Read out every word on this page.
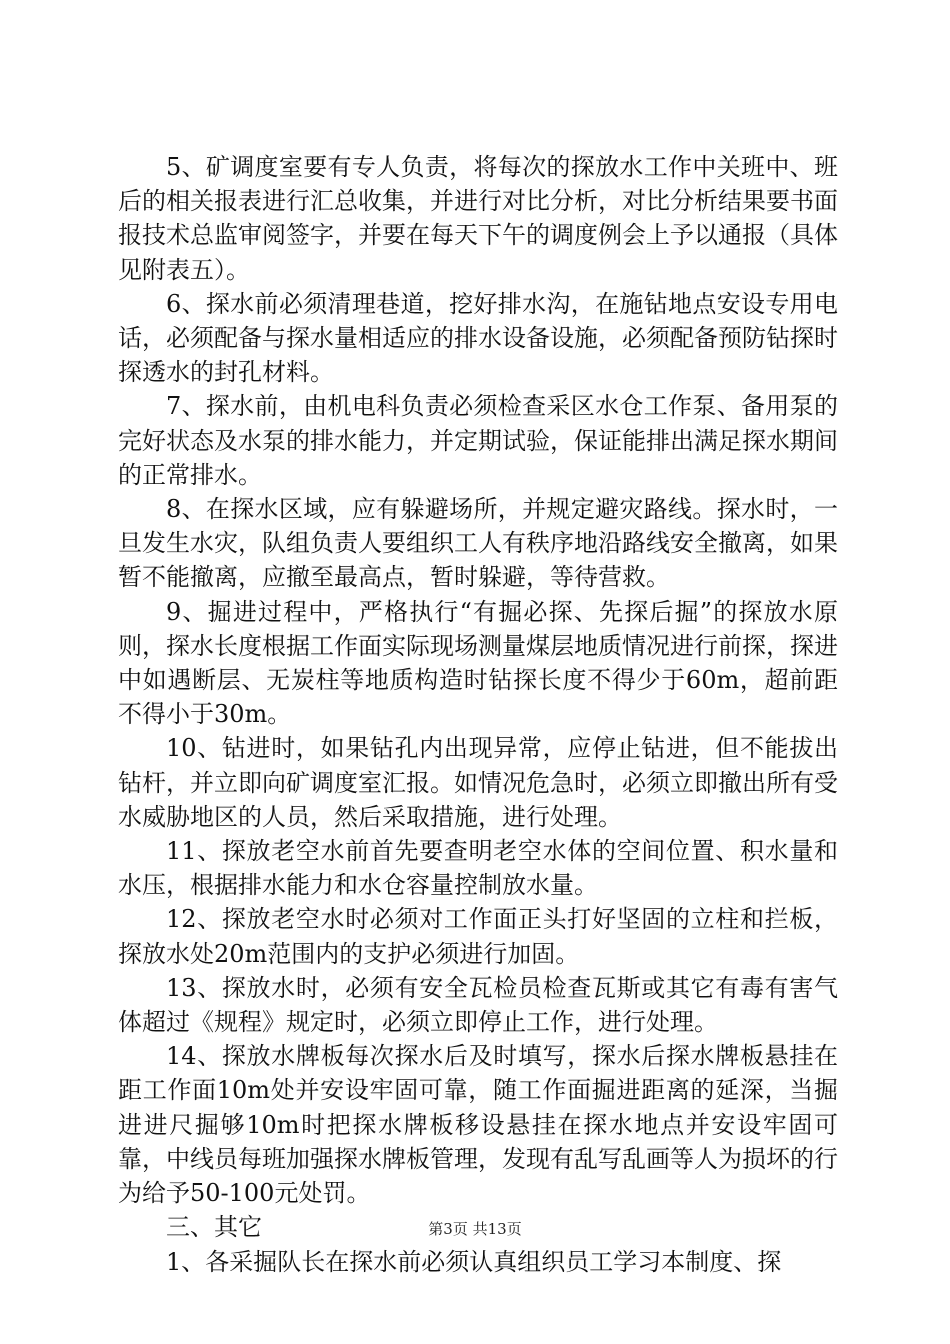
5、矿调度室要有专人负责，将每次的探放水工作中关班中、班后的相关报表进行汇总收集，并进行对比分析，对比分析结果要书面报技术总监审阅签字，并要在每天下午的调度例会上予以通报（具体见附表五）。

6、探水前必须清理巷道，挖好排水沟，在施钻地点安设专用电话，必须配备与探水量相适应的排水设备设施，必须配备预防钻探时探透水的封孔材料。

7、探水前，由机电科负责必须检查采区水仓工作泵、备用泵的完好状态及水泵的排水能力，并定期试验，保证能排出满足探水期间的正常排水。

8、在探水区域，应有躲避场所，并规定避灾路线。探水时，一旦发生水灾，队组负责人要组织工人有秩序地沿路线安全撤离，如果暂不能撤离，应撤至最高点，暂时躲避，等待营救。

9、掘进过程中，严格执行“有掘必探、先探后掘”的探放水原则，探水长度根据工作面实际现场测量煤层地质情况进行前探，探进中如遇断层、无炭柱等地质构造时钻探长度不得少于60m，超前距不得小于30m。

10、钻进时，如果钻孔内出现异常，应停止钻进，但不能拔出钻杆，并立即向矿调度室汇报。如情况危急时，必须立即撤出所有受水威胁地区的人员，然后采取措施，进行处理。

11、探放老空水前首先要查明老空水体的空间位置、积水量和水压，根据排水能力和水仓容量控制放水量。

12、探放老空水时必须对工作面正头打好坚固的立柱和拦板，探放水处20m范围内的支护必须进行加固。

13、探放水时，必须有安全瓦检员检查瓦斯或其它有毒有害气体超过《规程》规定时，必须立即停止工作，进行处理。

14、探放水牌板每次探水后及时填写，探水后探水牌板悬挂在距工作面10m处并安设牢固可靠，随工作面掘进距离的延深，当掘进进尺掘够10m时把探水牌板移设悬挂在探水地点并安设牢固可靠，中线员每班加强探水牌板管理，发现有乱写乱画等人为损坏的行为给予50-100元处罚。

三、其它

1、各采掘队长在探水前必须认真组织员工学习本制度、探

第3页 共13页
